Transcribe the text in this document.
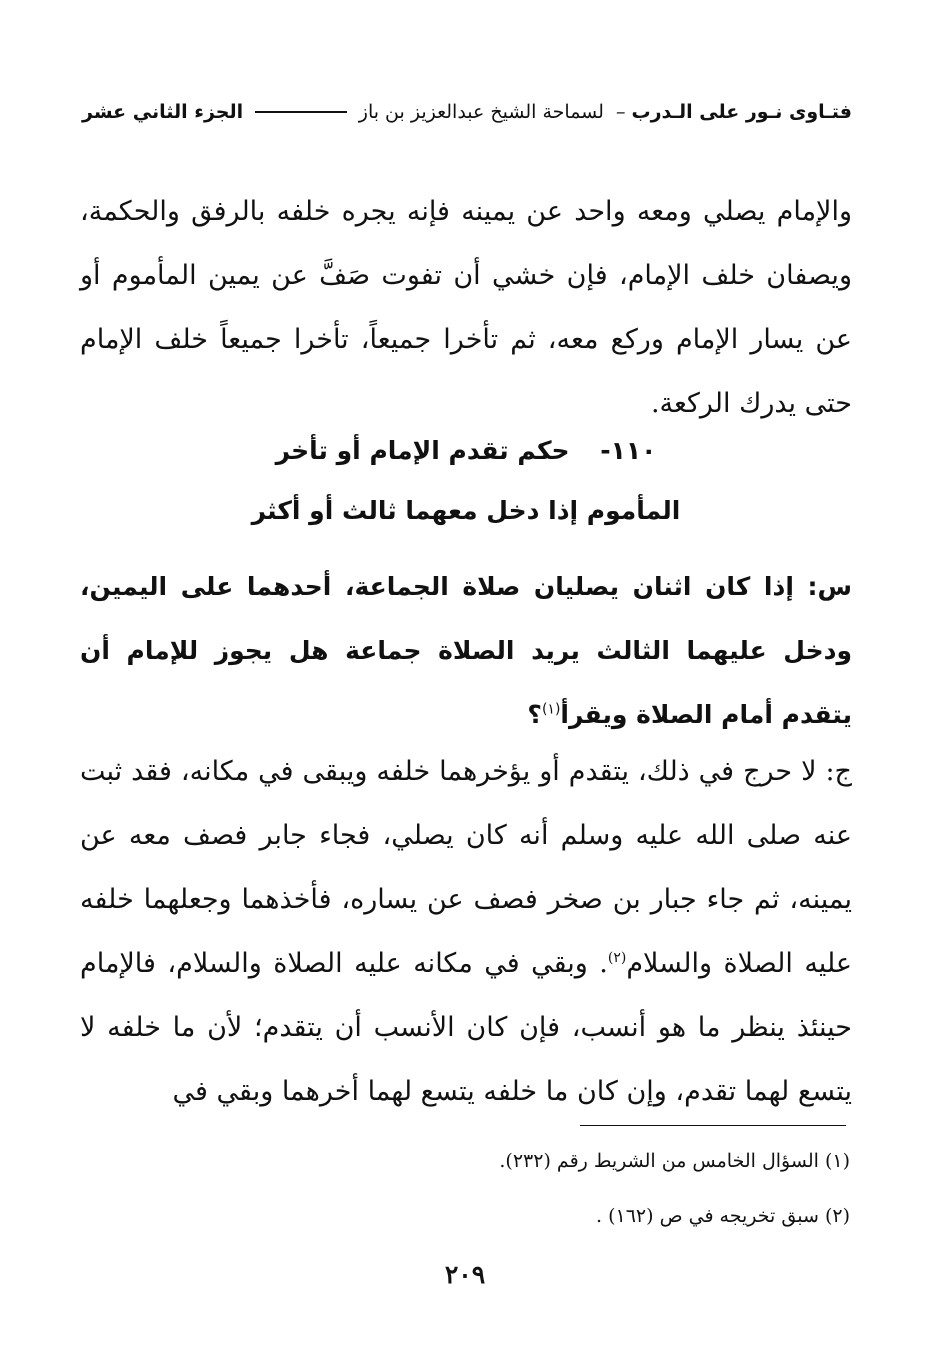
فتـاوى نـور على الـدرب – لسماحة الشيخ عبدالعزيز بن باز
الجزء الثاني عشر

والإمام يصلي ومعه واحد عن يمينه فإنه يجره خلفه بالرفق والحكمة، ويصفان خلف الإمام، فإن خشي أن تفوت صَفَّ عن يمين المأموم أو عن يسار الإمام وركع معه، ثم تأخرا جميعاً، تأخرا جميعاً خلف الإمام حتى يدرك الركعة.

١١٠- حكم تقدم الإمام أو تأخر
المأموم إذا دخل معهما ثالث أو أكثر

س: إذا كان اثنان يصليان صلاة الجماعة، أحدهما على اليمين، ودخل عليهما الثالث يريد الصلاة جماعة هل يجوز للإمام أن يتقدم أمام الصلاة ويقرأ$^{(١)}$؟

ج: لا حرج في ذلك، يتقدم أو يؤخرهما خلفه ويبقى في مكانه، فقد ثبت عنه صلى الله عليه وسلم أنه كان يصلي، فجاء جابر فصف معه عن يمينه، ثم جاء جبار بن صخر فصف عن يساره، فأخذهما وجعلهما خلفه عليه الصلاة والسلام$^{(٢)}$. وبقي في مكانه عليه الصلاة والسلام، فالإمام حينئذ ينظر ما هو أنسب، فإن كان الأنسب أن يتقدم؛ لأن ما خلفه لا يتسع لهما تقدم، وإن كان ما خلفه يتسع لهما أخرهما وبقي في

(١) السؤال الخامس من الشريط رقم (٢٣٢).
(٢) سبق تخريجه في ص (١٦٢) .
٢٠٩
